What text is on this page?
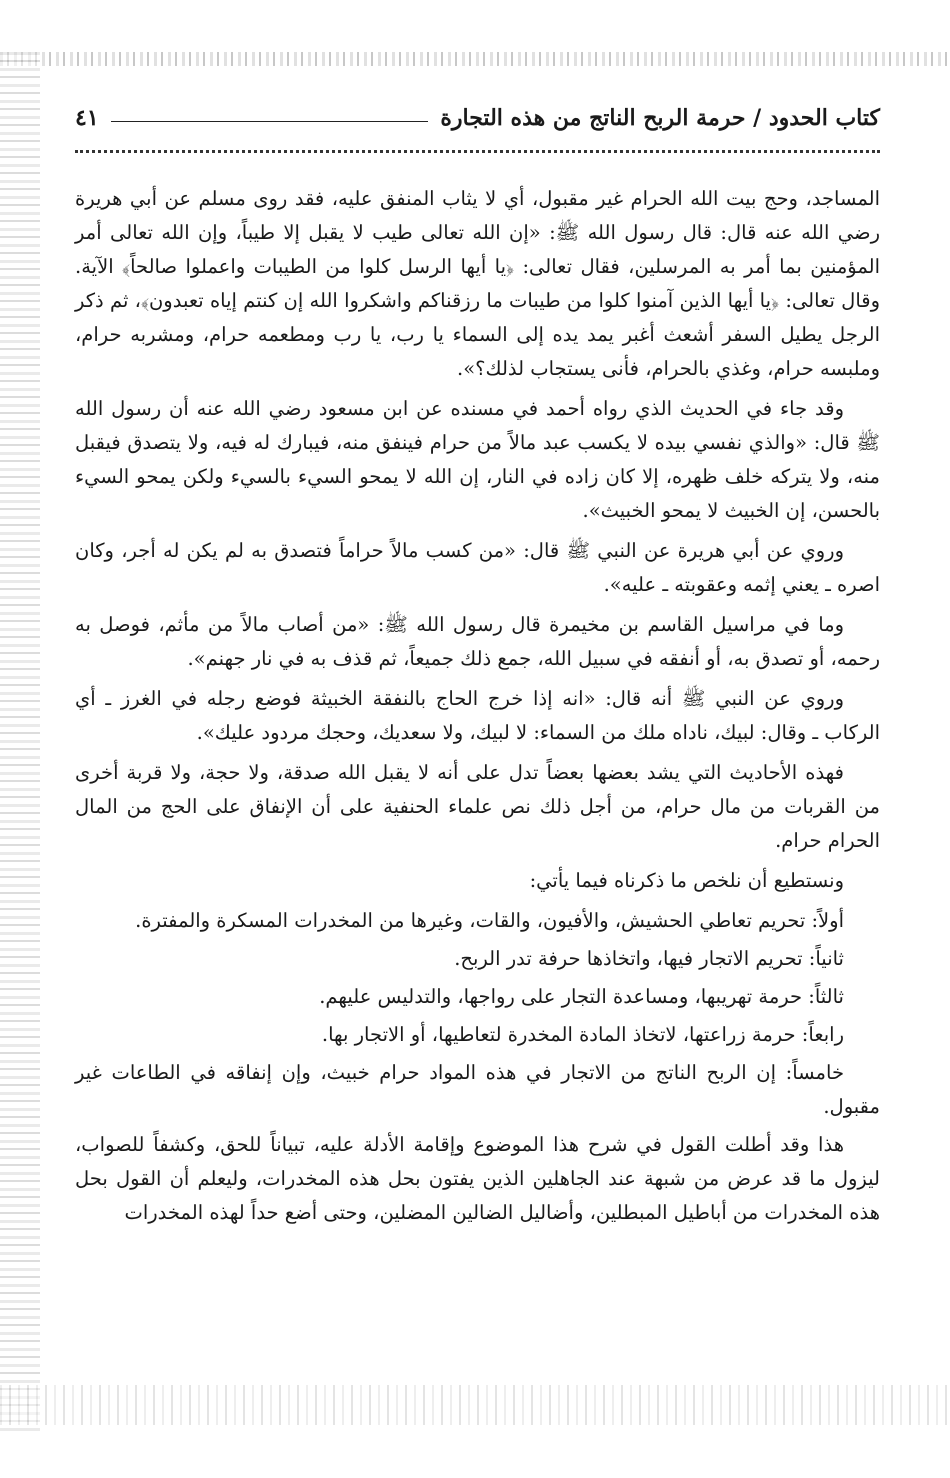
كتاب الحدود / حرمة الربح الناتج من هذه التجارة
٤١

المساجد، وحج بيت الله الحرام غير مقبول، أي لا يثاب المنفق عليه، فقد روى مسلم عن أبي هريرة رضي الله عنه قال: قال رسول الله ﷺ: «إن الله تعالى طيب لا يقبل إلا طيباً، وإن الله تعالى أمر المؤمنين بما أمر به المرسلين، فقال تعالى: ﴿يا أيها الرسل كلوا من الطيبات واعملوا صالحاً﴾ الآية. وقال تعالى: ﴿يا أيها الذين آمنوا كلوا من طيبات ما رزقناكم واشكروا الله إن كنتم إياه تعبدون﴾، ثم ذكر الرجل يطيل السفر أشعث أغبر يمد يده إلى السماء يا رب، يا رب ومطعمه حرام، ومشربه حرام، وملبسه حرام، وغذي بالحرام، فأنى يستجاب لذلك؟».

وقد جاء في الحديث الذي رواه أحمد في مسنده عن ابن مسعود رضي الله عنه أن رسول الله ﷺ قال: «والذي نفسي بيده لا يكسب عبد مالاً من حرام فينفق منه، فيبارك له فيه، ولا يتصدق فيقبل منه، ولا يتركه خلف ظهره، إلا كان زاده في النار، إن الله لا يمحو السيء بالسيء ولكن يمحو السيء بالحسن، إن الخبيث لا يمحو الخبيث».

وروي عن أبي هريرة عن النبي ﷺ قال: «من كسب مالاً حراماً فتصدق به لم يكن له أجر، وكان اصره ـ يعني إثمه وعقوبته ـ عليه».

وما في مراسيل القاسم بن مخيمرة قال رسول الله ﷺ: «من أصاب مالاً من مأثم، فوصل به رحمه، أو تصدق به، أو أنفقه في سبيل الله، جمع ذلك جميعاً، ثم قذف به في نار جهنم».

وروي عن النبي ﷺ أنه قال: «انه إذا خرج الحاج بالنفقة الخبيثة فوضع رجله في الغرز ـ أي الركاب ـ وقال: لبيك، ناداه ملك من السماء: لا لبيك، ولا سعديك، وحجك مردود عليك».

فهذه الأحاديث التي يشد بعضها بعضاً تدل على أنه لا يقبل الله صدقة، ولا حجة، ولا قربة أخرى من القربات من مال حرام، من أجل ذلك نص علماء الحنفية على أن الإنفاق على الحج من المال الحرام حرام.

ونستطيع أن نلخص ما ذكرناه فيما يأتي:

أولاً: تحريم تعاطي الحشيش، والأفيون، والقات، وغيرها من المخدرات المسكرة والمفترة.

ثانياً: تحريم الاتجار فيها، واتخاذها حرفة تدر الربح.

ثالثاً: حرمة تهريبها، ومساعدة التجار على رواجها، والتدليس عليهم.

رابعاً: حرمة زراعتها، لاتخاذ المادة المخدرة لتعاطيها، أو الاتجار بها.

خامساً: إن الربح الناتج من الاتجار في هذه المواد حرام خبيث، وإن إنفاقه في الطاعات غير مقبول.

هذا وقد أطلت القول في شرح هذا الموضوع وإقامة الأدلة عليه، تبياناً للحق، وكشفاً للصواب، ليزول ما قد عرض من شبهة عند الجاهلين الذين يفتون بحل هذه المخدرات، وليعلم أن القول بحل هذه المخدرات من أباطيل المبطلين، وأضاليل الضالين المضلين، وحتى أضع حداً لهذه المخدرات
